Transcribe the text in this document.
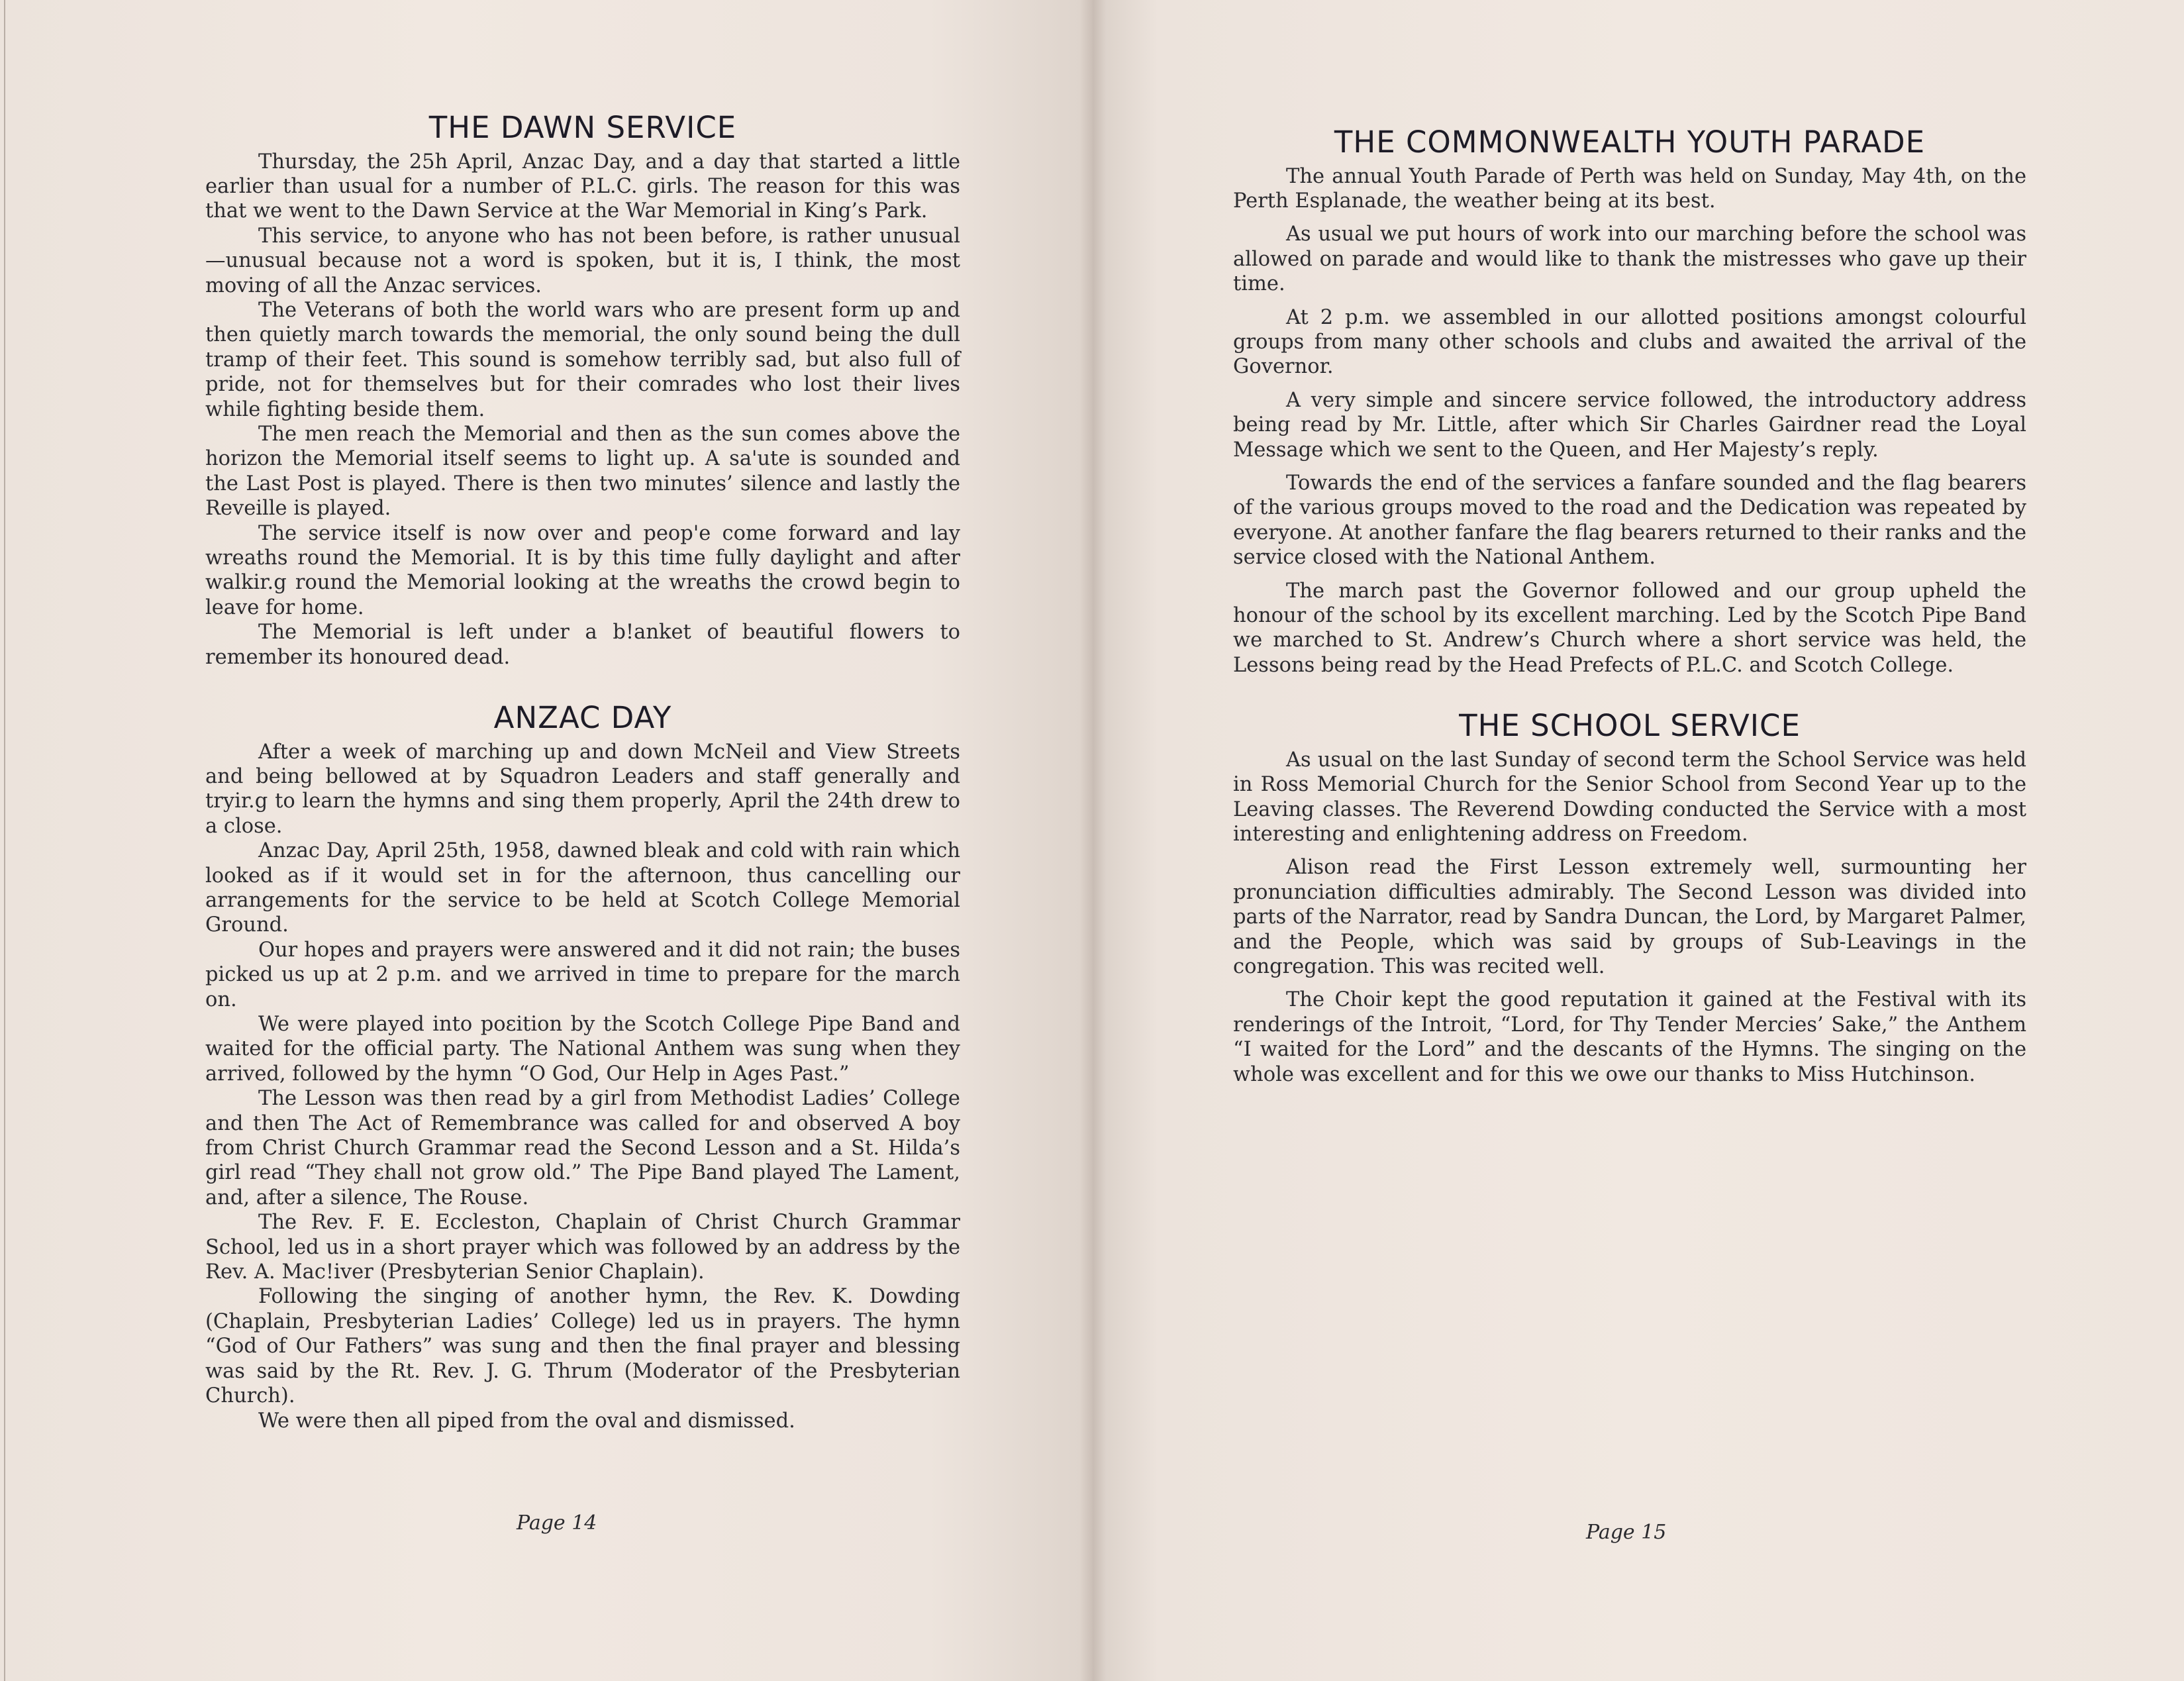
THE DAWN SERVICE

Thursday, the 25h April, Anzac Day, and a day that started a little earlier than usual for a number of P.L.C. girls. The reason for this was that we went to the Dawn Service at the War Memorial in King’s Park.

This service, to anyone who has not been before, is rather unusual—unusual because not a word is spoken, but it is, I think, the most moving of all the Anzac services.

The Veterans of both the world wars who are present form up and then quietly march towards the memorial, the only sound being the dull tramp of their feet. This sound is somehow terribly sad, but also full of pride, not for themselves but for their comrades who lost their lives while fighting beside them.

The men reach the Memorial and then as the sun comes above the horizon the Memorial itself seems to light up. A sa'ute is sounded and the Last Post is played. There is then two minutes’ silence and lastly the Reveille is played.

The service itself is now over and peop'e come forward and lay wreaths round the Memorial. It is by this time fully daylight and after walkir.g round the Memorial looking at the wreaths the crowd begin to leave for home.

The Memorial is left under a b!anket of beautiful flowers to remember its honoured dead.

ANZAC DAY

After a week of marching up and down McNeil and View Streets and being bellowed at by Squadron Leaders and staff generally and tryir.g to learn the hymns and sing them properly, April the 24th drew to a close.

Anzac Day, April 25th, 1958, dawned bleak and cold with rain which looked as if it would set in for the afternoon, thus cancelling our arrangements for the service to be held at Scotch College Memorial Ground.

Our hopes and prayers were answered and it did not rain; the buses picked us up at 2 p.m. and we arrived in time to prepare for the march on.

We were played into poεition by the Scotch College Pipe Band and waited for the official party. The National Anthem was sung when they arrived, followed by the hymn “O God, Our Help in Ages Past.”

The Lesson was then read by a girl from Methodist Ladies’ College and then The Act of Remembrance was called for and observed A boy from Christ Church Grammar read the Second Lesson and a St. Hilda’s girl read “They εhall not grow old.” The Pipe Band played The Lament, and, after a silence, The Rouse.

The Rev. F. E. Eccleston, Chaplain of Christ Church Grammar School, led us in a short prayer which was followed by an address by the Rev. A. Mac!iver (Presbyterian Senior Chaplain).

Following the singing of another hymn, the Rev. K. Dowding (Chaplain, Presbyterian Ladies’ College) led us in prayers. The hymn “God of Our Fathers” was sung and then the final prayer and blessing was said by the Rt. Rev. J. G. Thrum (Moderator of the Presbyterian Church).

We were then all pi̇ped from the oval and dismissed.

Page 14
THE COMMONWEALTH YOUTH PARADE

The annual Youth Parade of Perth was held on Sunday, May 4th, on the Perth Esplanade, the weather being at its best.

As usual we put hours of work into our marching before the school was allowed on parade and would like to thank the mistresses who gave up their time.

At 2 p.m. we assembled in our allotted positions amongst colourful groups from many other schools and clubs and awaited the arrival of the Governor.

A very simple and sincere service followed, the introductory address being read by Mr. Little, after which Sir Charles Gairdner read the Loyal Message which we sent to the Queen, and Her Majesty’s reply.

Towards the end of the services a fanfare sounded and the flag bearers of the various groups moved to the road and the Dedication was repeated by everyone. At another fanfare the flag bearers returned to their ranks and the service closed with the National Anthem.

The march past the Governor followed and our group upheld the honour of the school by its excellent marching. Led by the Scotch Pipe Band we marched to St. Andrew’s Church where a short service was held, the Lessons being read by the Head Prefects of P.L.C. and Scotch College.

THE SCHOOL SERVICE

As usual on the last Sunday of second term the School Service was held in Ross Memorial Church for the Senior School from Second Year up to the Leaving classes. The Reverend Dowding conducted the Service with a most interesting and enlightening address on Freedom.

Alison read the First Lesson extremely well, surmounting her pronunciation difficulties admirably. The Second Lesson was divided into parts of the Narrator, read by Sandra Duncan, the Lord, by Margaret Palmer, and the People, which was said by groups of Sub-Leavings in the congregation. This was recited well.

The Choir kept the good reputation it gained at the Festival with its renderings of the Introit, “Lord, for Thy Tender Mercies’ Sake,” the Anthem “I waited for the Lord” and the descants of the Hymns. The singing on the whole was excellent and for this we owe our thanks to Miss Hutchinson.

Page 15
